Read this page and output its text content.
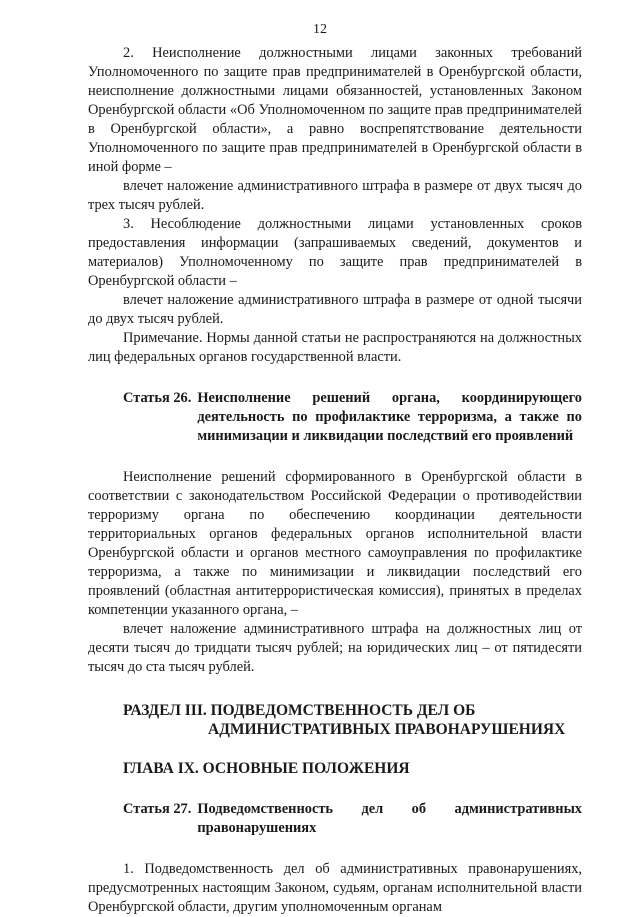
12

2. Неисполнение должностными лицами законных требований Уполномоченного по защите прав предпринимателей в Оренбургской области, неисполнение должностными лицами обязанностей, установленных Законом Оренбургской области «Об Уполномоченном по защите прав предпринимателей в Оренбургской области», а равно воспрепятствование деятельности Уполномоченного по защите прав предпринимателей в Оренбургской области в иной форме –

влечет наложение административного штрафа в размере от двух тысяч до трех тысяч рублей.

3. Несоблюдение должностными лицами установленных сроков предоставления информации (запрашиваемых сведений, документов и материалов) Уполномоченному по защите прав предпринимателей в Оренбургской области –

влечет наложение административного штрафа в размере от одной тысячи до двух тысяч рублей.

Примечание. Нормы данной статьи не распространяются на должностных лиц федеральных органов государственной власти.

Статья 26. Неисполнение решений органа, координирующего деятельность по профилактике терроризма, а также по минимизации и ликвидации последствий его проявлений

Неисполнение решений сформированного в Оренбургской области в соответствии с законодательством Российской Федерации о противодействии терроризму органа по обеспечению координации деятельности территориальных органов федеральных органов исполнительной власти Оренбургской области и органов местного самоуправления по профилактике терроризма, а также по минимизации и ликвидации последствий его проявлений (областная антитеррористическая комиссия), принятых в пределах компетенции указанного органа, –

влечет наложение административного штрафа на должностных лиц от десяти тысяч до тридцати тысяч рублей; на юридических лиц – от пятидесяти тысяч до ста тысяч рублей.

РАЗДЕЛ III. ПОДВЕДОМСТВЕННОСТЬ ДЕЛ ОБ
АДМИНИСТРАТИВНЫХ ПРАВОНАРУШЕНИЯХ
ГЛАВА IX. ОСНОВНЫЕ ПОЛОЖЕНИЯ
Статья 27. Подведомственность дел об административных правонарушениях

1. Подведомственность дел об административных правонарушениях, предусмотренных настоящим Законом, судьям, органам исполнительной власти Оренбургской области, другим уполномоченным органам
